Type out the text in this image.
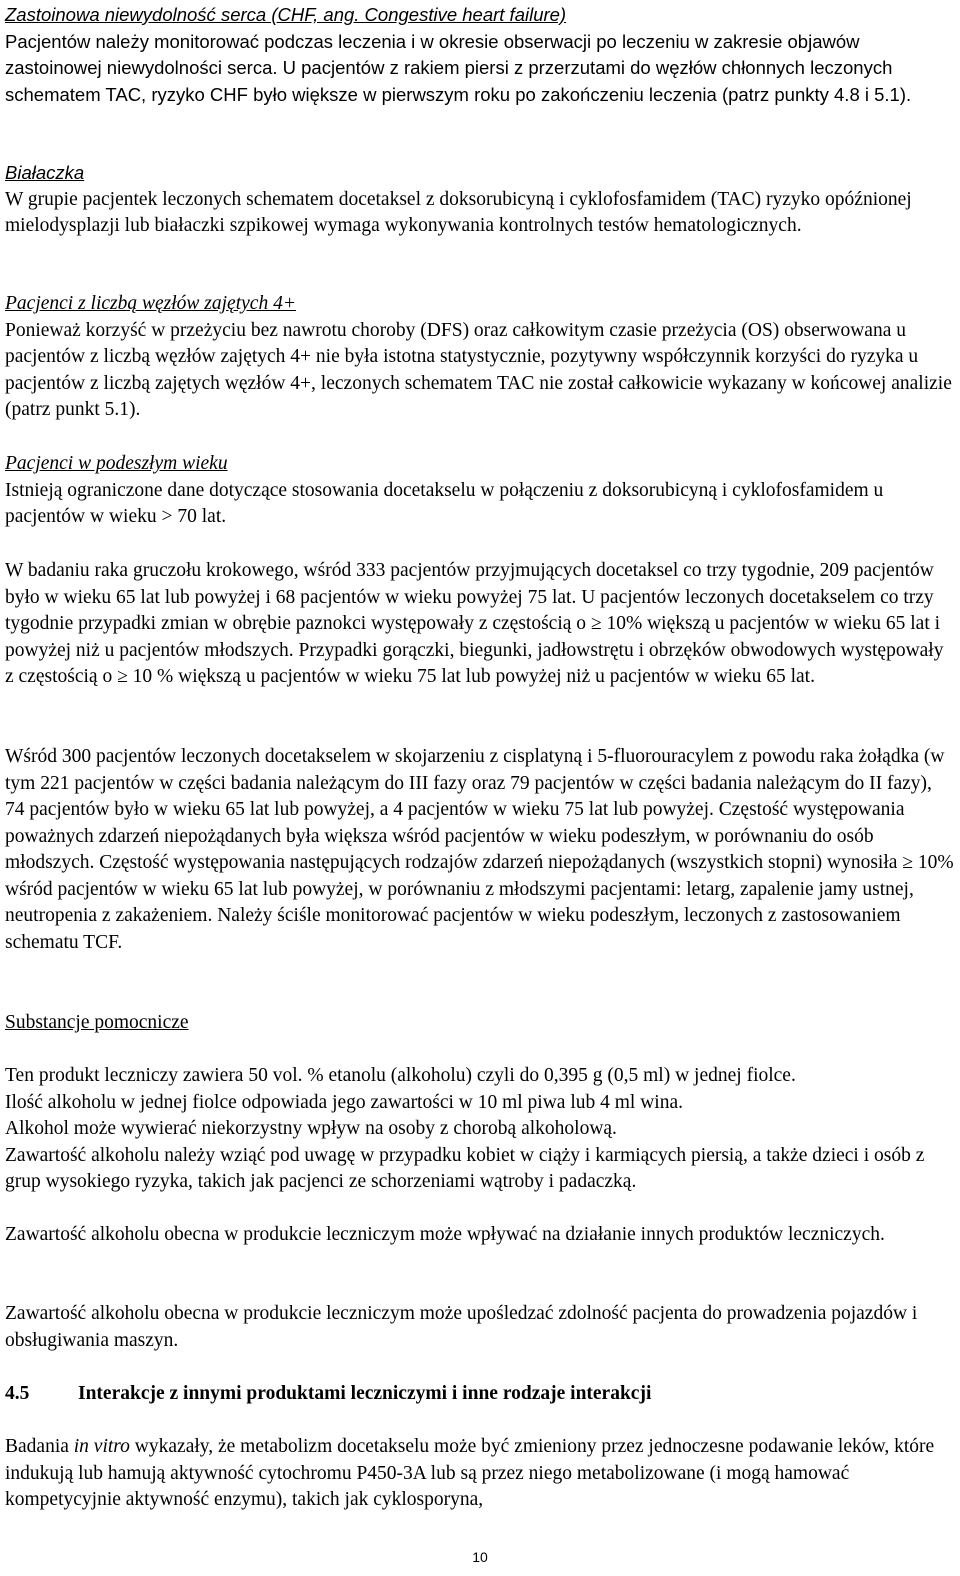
Zastoinowa niewydolność serca (CHF, ang. Congestive heart failure)

Pacjentów należy monitorować podczas leczenia i w okresie obserwacji po leczeniu w zakresie objawów zastoinowej niewydolności serca. U pacjentów z rakiem piersi z przerzutami do węzłów chłonnych leczonych schematem TAC, ryzyko CHF było większe w pierwszym roku po zakończeniu leczenia (patrz punkty 4.8 i 5.1).

Białaczka

W grupie pacjentek leczonych schematem docetaksel z doksorubicyną i cyklofosfamidem (TAC) ryzyko opóźnionej mielodysplazji lub białaczki szpikowej wymaga wykonywania kontrolnych testów hematologicznych.

Pacjenci z liczbą węzłów zajętych 4+

Ponieważ korzyść w przeżyciu bez nawrotu choroby (DFS) oraz całkowitym czasie przeżycia (OS) obserwowana u pacjentów z liczbą węzłów zajętych 4+ nie była istotna statystycznie, pozytywny współczynnik korzyści do ryzyka u pacjentów z liczbą zajętych węzłów 4+, leczonych schematem TAC nie został całkowicie wykazany w końcowej analizie (patrz punkt 5.1).

Pacjenci w podeszłym wieku

Istnieją ograniczone dane dotyczące stosowania docetakselu w połączeniu z doksorubicyną i cyklofosfamidem u pacjentów w wieku > 70 lat.

W badaniu raka gruczołu krokowego, wśród 333 pacjentów przyjmujących docetaksel co trzy tygodnie, 209 pacjentów było w wieku 65 lat lub powyżej i 68 pacjentów w wieku powyżej 75 lat. U pacjentów leczonych docetakselem co trzy tygodnie przypadki zmian w obrębie paznokci występowały z częstością o ≥ 10% większą u pacjentów w wieku 65 lat i powyżej niż u pacjentów młodszych. Przypadki gorączki, biegunki, jadłowstrętu i obrzęków obwodowych występowały z częstością o ≥ 10 % większą u pacjentów w wieku 75 lat lub powyżej niż u pacjentów w wieku 65 lat.

Wśród 300 pacjentów leczonych docetakselem w skojarzeniu z cisplatyną i 5-fluorouracylem z powodu raka żołądka (w tym 221 pacjentów w części badania należącym do III fazy oraz 79 pacjentów w części badania należącym do II fazy), 74 pacjentów było w wieku 65 lat lub powyżej, a 4 pacjentów w wieku 75 lat lub powyżej. Częstość występowania poważnych zdarzeń niepożądanych była większa wśród pacjentów w wieku podeszłym, w porównaniu do osób młodszych. Częstość występowania następujących rodzajów zdarzeń niepożądanych (wszystkich stopni) wynosiła ≥ 10% wśród pacjentów w wieku 65 lat lub powyżej, w porównaniu z młodszymi pacjentami: letarg, zapalenie jamy ustnej, neutropenia z zakażeniem. Należy ściśle monitorować pacjentów w wieku podeszłym, leczonych z zastosowaniem schematu TCF.

Substancje pomocnicze

Ten produkt leczniczy zawiera 50 vol. % etanolu (alkoholu) czyli do 0,395 g (0,5 ml) w jednej fiolce.

Ilość alkoholu w jednej fiolce odpowiada jego zawartości w 10 ml piwa lub 4 ml wina.

Alkohol może wywierać niekorzystny wpływ na osoby z chorobą alkoholową.

Zawartość alkoholu należy wziąć pod uwagę w przypadku kobiet w ciąży i karmiących piersią, a także dzieci i osób z grup wysokiego ryzyka, takich jak pacjenci ze schorzeniami wątroby i padaczką.

Zawartość alkoholu obecna w produkcie leczniczym może wpływać na działanie innych produktów leczniczych.

Zawartość alkoholu obecna w produkcie leczniczym może upośledzać zdolność pacjenta do prowadzenia pojazdów i obsługiwania maszyn.

4.5 Interakcje z innymi produktami leczniczymi i inne rodzaje interakcji

Badania in vitro wykazały, że metabolizm docetakselu może być zmieniony przez jednoczesne podawanie leków, które indukują lub hamują aktywność cytochromu P450-3A lub są przez niego metabolizowane (i mogą hamować kompetycyjnie aktywność enzymu), takich jak cyklosporyna,

10
